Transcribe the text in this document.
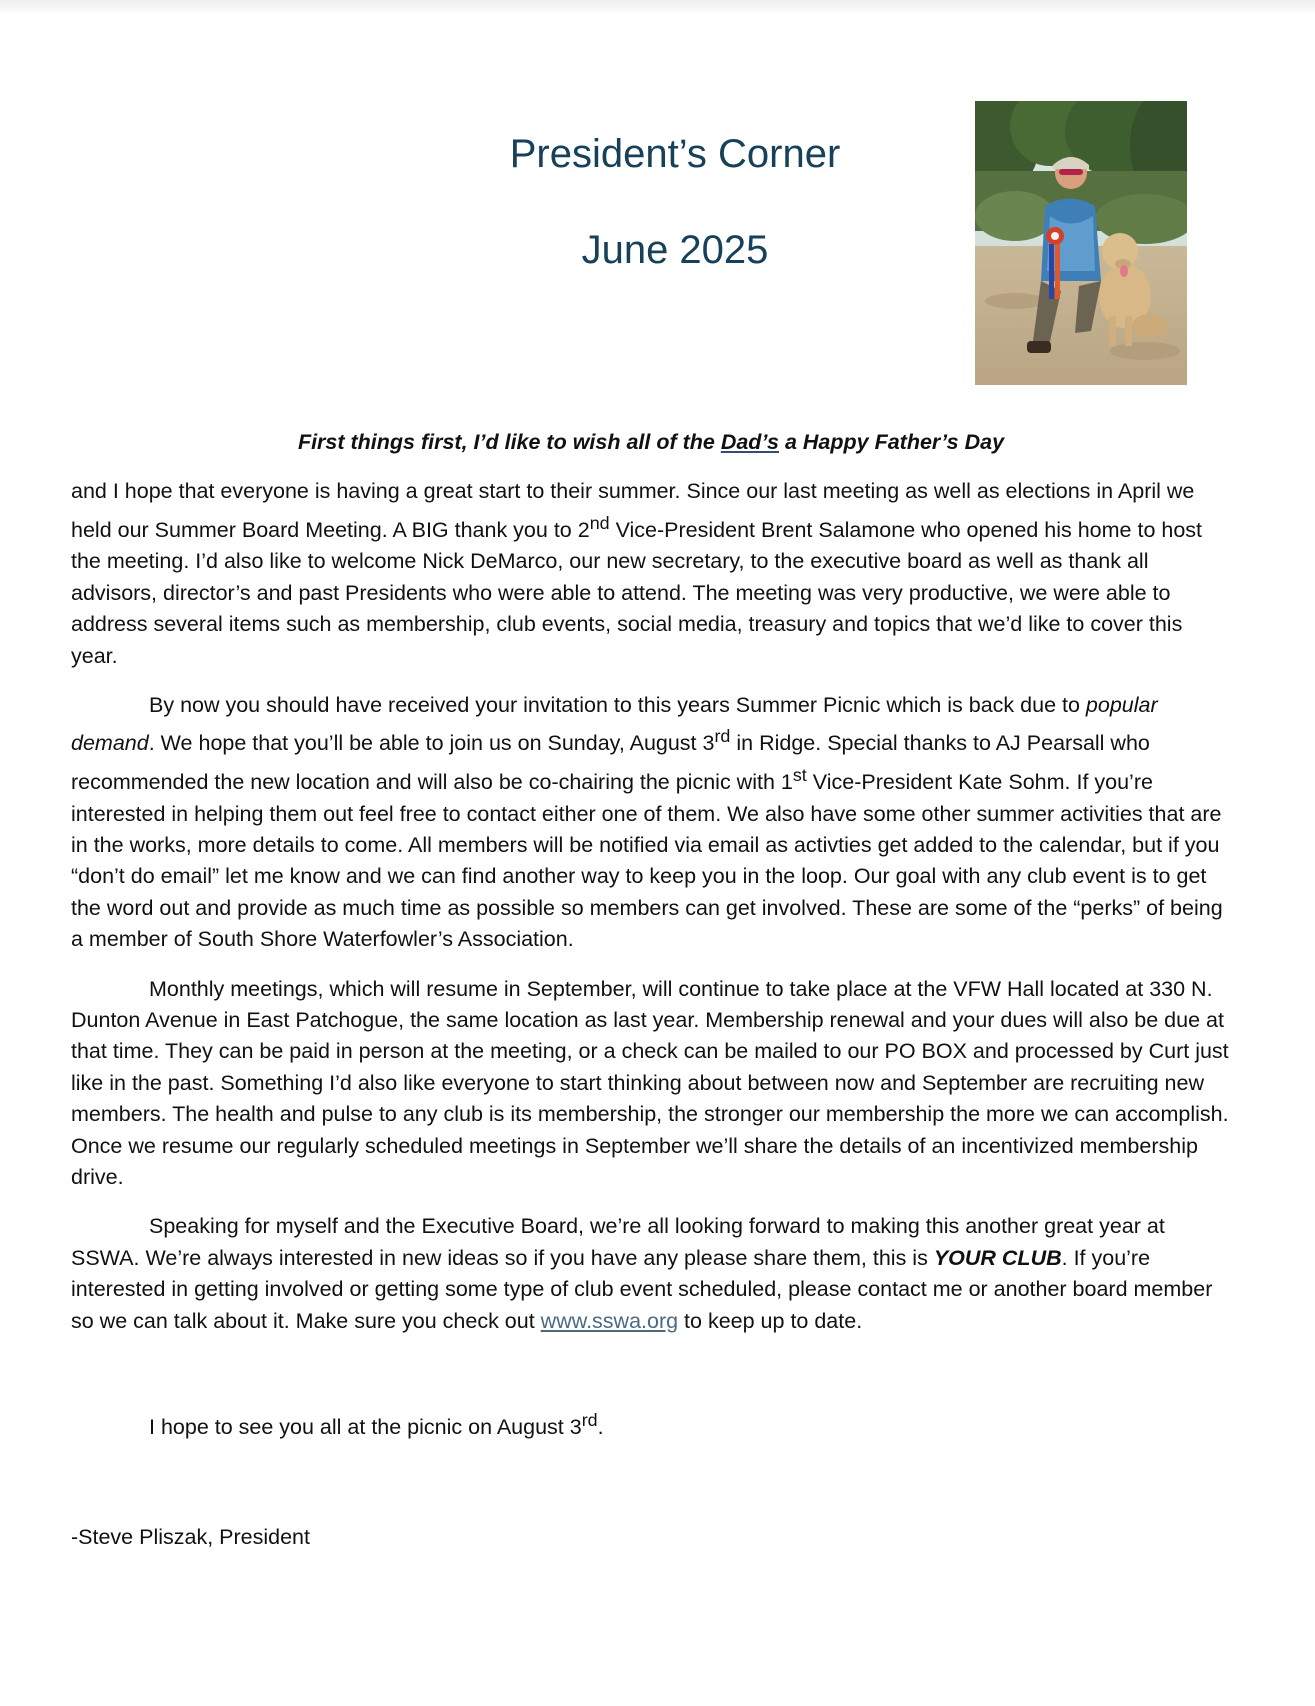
President’s Corner
June 2025

First things first, I’d like to wish all of the Dad’s a Happy Father’s Day

and I hope that everyone is having a great start to their summer. Since our last meeting as well as elections in April we held our Summer Board Meeting. A BIG thank you to 2nd Vice-President Brent Salamone who opened his home to host the meeting. I’d also like to welcome Nick DeMarco, our new secretary, to the executive board as well as thank all advisors, director’s and past Presidents who were able to attend. The meeting was very productive, we were able to address several items such as membership, club events, social media, treasury and topics that we’d like to cover this year.

By now you should have received your invitation to this years Summer Picnic which is back due to popular demand. We hope that you’ll be able to join us on Sunday, August 3rd in Ridge. Special thanks to AJ Pearsall who recommended the new location and will also be co-chairing the picnic with 1st Vice-President Kate Sohm. If you’re interested in helping them out feel free to contact either one of them. We also have some other summer activities that are in the works, more details to come. All members will be notified via email as activties get added to the calendar, but if you “don’t do email” let me know and we can find another way to keep you in the loop. Our goal with any club event is to get the word out and provide as much time as possible so members can get involved. These are some of the “perks” of being a member of South Shore Waterfowler’s Association.

Monthly meetings, which will resume in September, will continue to take place at the VFW Hall located at 330 N. Dunton Avenue in East Patchogue, the same location as last year. Membership renewal and your dues will also be due at that time. They can be paid in person at the meeting, or a check can be mailed to our PO BOX and processed by Curt just like in the past. Something I’d also like everyone to start thinking about between now and September are recruiting new members. The health and pulse to any club is its membership, the stronger our membership the more we can accomplish. Once we resume our regularly scheduled meetings in September we’ll share the details of an incentivized membership drive.

Speaking for myself and the Executive Board, we’re all looking forward to making this another great year at SSWA. We’re always interested in new ideas so if you have any please share them, this is YOUR CLUB. If you’re interested in getting involved or getting some type of club event scheduled, please contact me or another board member so we can talk about it. Make sure you check out www.sswa.org to keep up to date.

I hope to see you all at the picnic on August 3rd.

-Steve Pliszak, President
